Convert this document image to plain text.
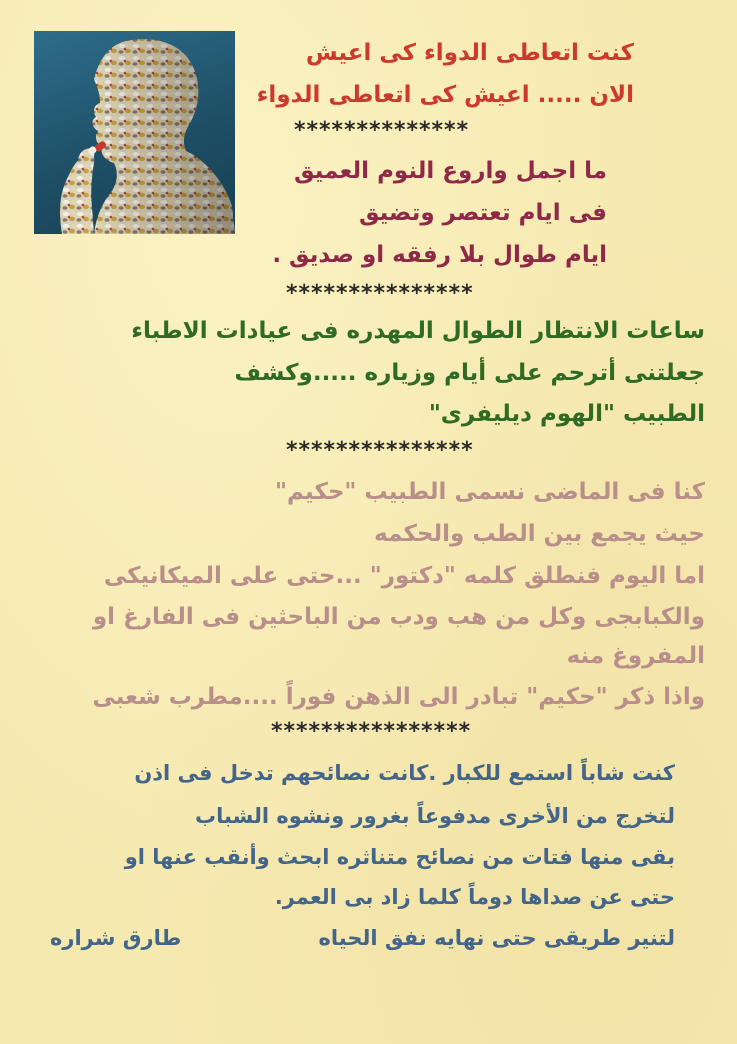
كنت اتعاطى الدواء كى اعيش
الان ..... اعيش كى اتعاطى الدواء
**************
ما اجمل واروع النوم العميق
فى ايام تعتصر وتضيق
ايام طوال بلا رفقه او صديق .
***************
ساعات الانتظار الطوال المهدره فى عيادات الاطباء
جعلتنى أترحم على أيام وزياره .....وكشف
الطبيب "الهوم ديليفرى"
***************
كنا فى الماضى نسمى الطبيب "حكيم"
حيث يجمع بين الطب والحكمه
اما اليوم فنطلق كلمه "دكتور" ...حتى على الميكانيكى
والكبابجى وكل من هب ودب من الباحثين فى الفارغ او
المفروغ منه
واذا ذكر "حكيم" تبادر الى الذهن فوراً ....مطرب شعبى
****************
كنت شاباً استمع للكبار .كانت نصائحهم تدخل فى اذن
لتخرج من الأخرى مدفوعاً بغرور ونشوه الشباب
بقى منها فتات من نصائح متناثره ابحث وأنقب عنها او
حتى عن صداها دوماً كلما زاد بى العمر.
لتنير طريقى حتى نهايه نفق الحياه
طارق شراره
